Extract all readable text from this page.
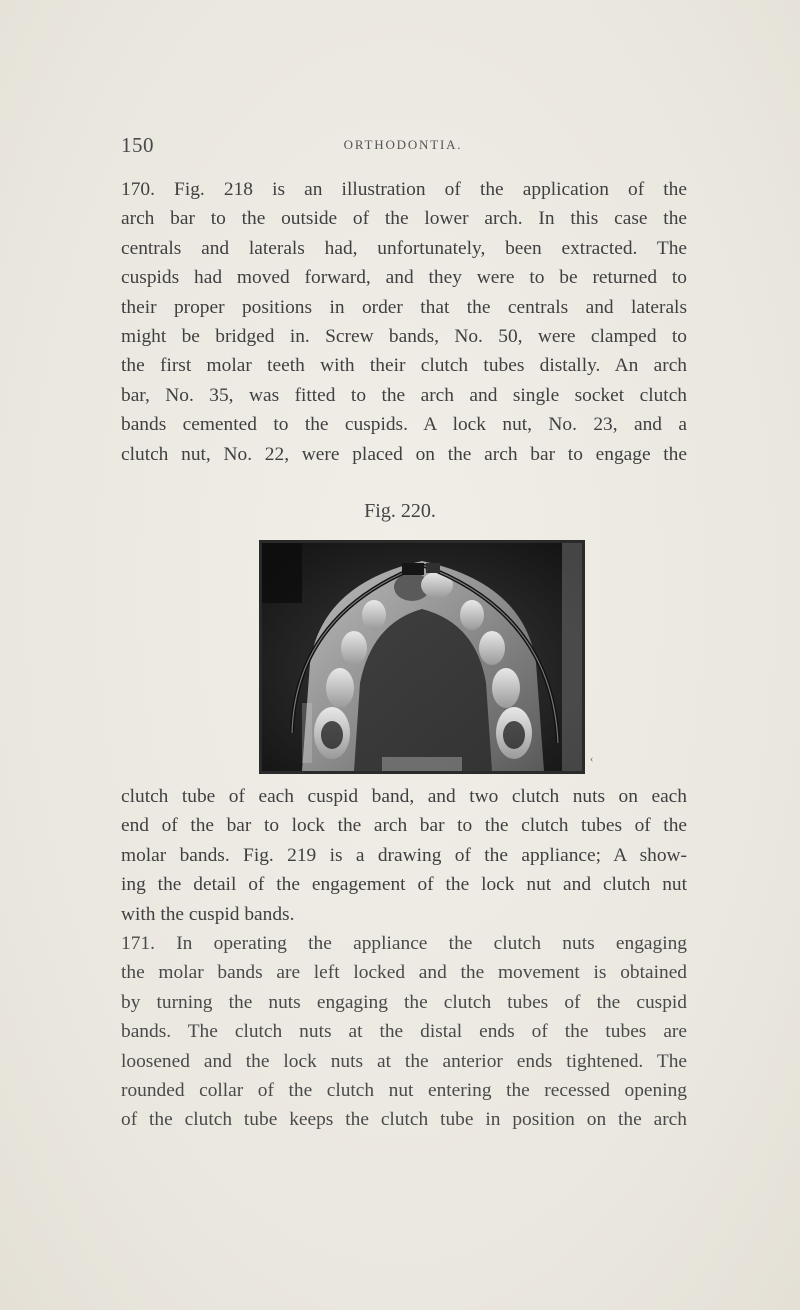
150	ORTHODONTIA.

170. Fig. 218 is an illustration of the application of the
arch bar to the outside of the lower arch. In this case the
centrals and laterals had, unfortunately, been extracted. The
cuspids had moved forward, and they were to be returned to
their proper positions in order that the centrals and laterals
might be bridged in. Screw bands, No. 50, were clamped to
the first molar teeth with their clutch tubes distally. An arch
bar, No. 35, was fitted to the arch and single socket clutch
bands cemented to the cuspids. A lock nut, No. 23, and a
clutch nut, No. 22, were placed on the arch bar to engage the

Fig. 220.
‹

clutch tube of each cuspid band, and two clutch nuts on each
end of the bar to lock the arch bar to the clutch tubes of the
molar bands. Fig. 219 is a drawing of the appliance; A show-
ing the detail of the engagement of the lock nut and clutch nut
with the cuspid bands.
171. In operating the appliance the clutch nuts engaging
the molar bands are left locked and the movement is obtained
by turning the nuts engaging the clutch tubes of the cuspid
bands. The clutch nuts at the distal ends of the tubes are
loosened and the lock nuts at the anterior ends tightened. The
rounded collar of the clutch nut entering the recessed opening
of the clutch tube keeps the clutch tube in position on the arch
